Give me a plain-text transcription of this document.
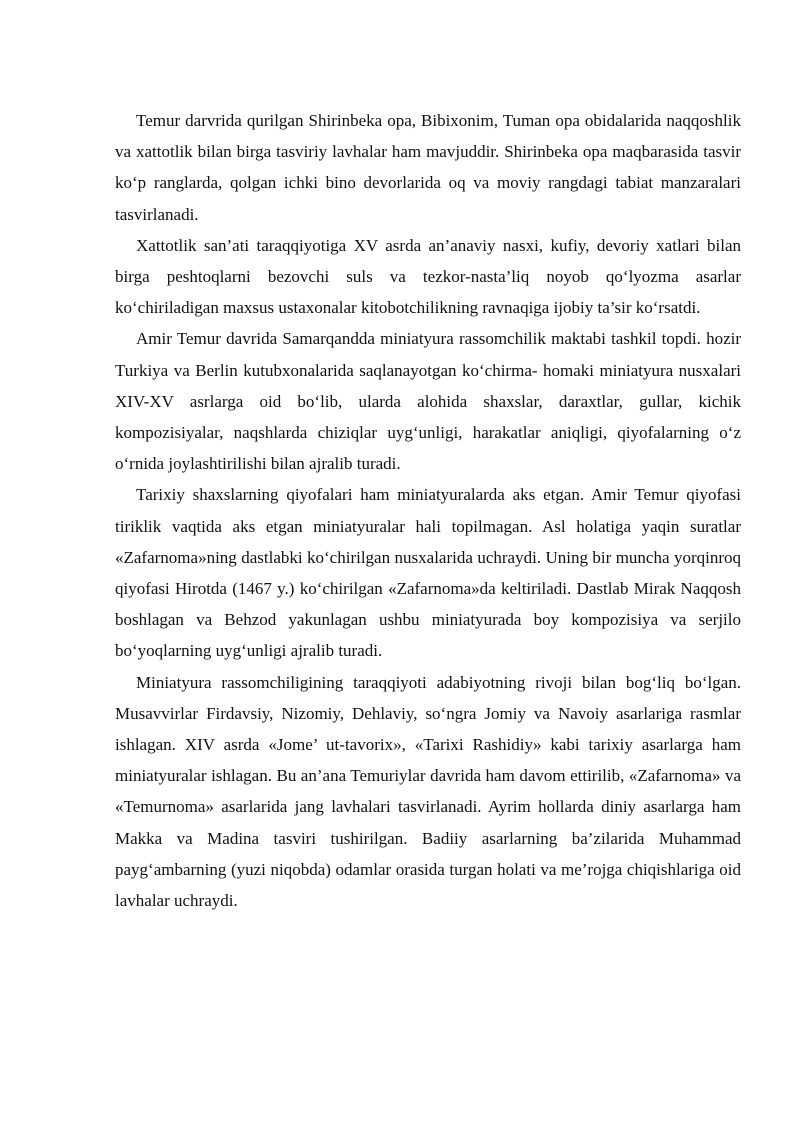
Temur darvrida qurilgan Shirinbeka opa, Bibixonim, Tuman opa obidalarida naqqoshlik va xattotlik bilan birga tasviriy lavhalar ham mavjuddir. Shirinbeka opa maqbarasida tasvir ko‘p ranglarda, qolgan ichki bino devorlarida oq va moviy rangdagi tabiat manzaralari tasvirlanadi.

Xattotlik san’ati taraqqiyotiga XV asrda an’anaviy nasxi, kufiy, devoriy xatlari bilan birga peshtoqlarni bezovchi suls va tezkor-nasta’liq noyob qo‘lyozma asarlar ko‘chiriladigan maxsus ustaxonalar kitobotchilikning ravnaqiga ijobiy ta’sir ko‘rsatdi.

Amir Temur davrida Samarqandda miniatyura rassomchilik maktabi tashkil topdi. hozir Turkiya va Berlin kutubxonalarida saqlanayotgan ko‘chirma- homaki miniatyura nusxalari XIV-XV asrlarga oid bo‘lib, ularda alohida shaxslar, daraxtlar, gullar, kichik kompozisiyalar, naqshlarda chiziqlar uyg‘unligi, harakatlar aniqligi, qiyofalarning o‘z o‘rnida joylashtirilishi bilan ajralib turadi.

Tarixiy shaxslarning qiyofalari ham miniatyuralarda aks etgan. Amir Temur qiyofasi tiriklik vaqtida aks etgan miniatyuralar hali topilmagan. Asl holatiga yaqin suratlar «Zafarnoma»ning dastlabki ko‘chirilgan nusxalarida uchraydi. Uning bir muncha yorqinroq qiyofasi Hirotda (1467 y.) ko‘chirilgan «Zafarnoma»da keltiriladi. Dastlab Mirak Naqqosh boshlagan va Behzod yakunlagan ushbu miniatyurada boy kompozisiya va serjilo bo‘yoqlarning uyg‘unligi ajralib turadi.

Miniatyura rassomchiligining taraqqiyoti adabiyotning rivoji bilan bog‘liq bo‘lgan. Musavvirlar Firdavsiy, Nizomiy, Dehlaviy, so‘ngra Jomiy va Navoiy asarlariga rasmlar ishlagan. XIV asrda «Jome’ ut-tavorix», «Tarixi Rashidiy» kabi tarixiy asarlarga ham miniatyuralar ishlagan. Bu an’ana Temuriylar davrida ham davom ettirilib, «Zafarnoma» va «Temurnoma» asarlarida jang lavhalari tasvirlanadi. Ayrim hollarda diniy asarlarga ham Makka va Madina tasviri tushirilgan. Badiiy asarlarning ba’zilarida Muhammad payg‘ambarning (yuzi niqobda) odamlar orasida turgan holati va me’rojga chiqishlariga oid lavhalar uchraydi.
